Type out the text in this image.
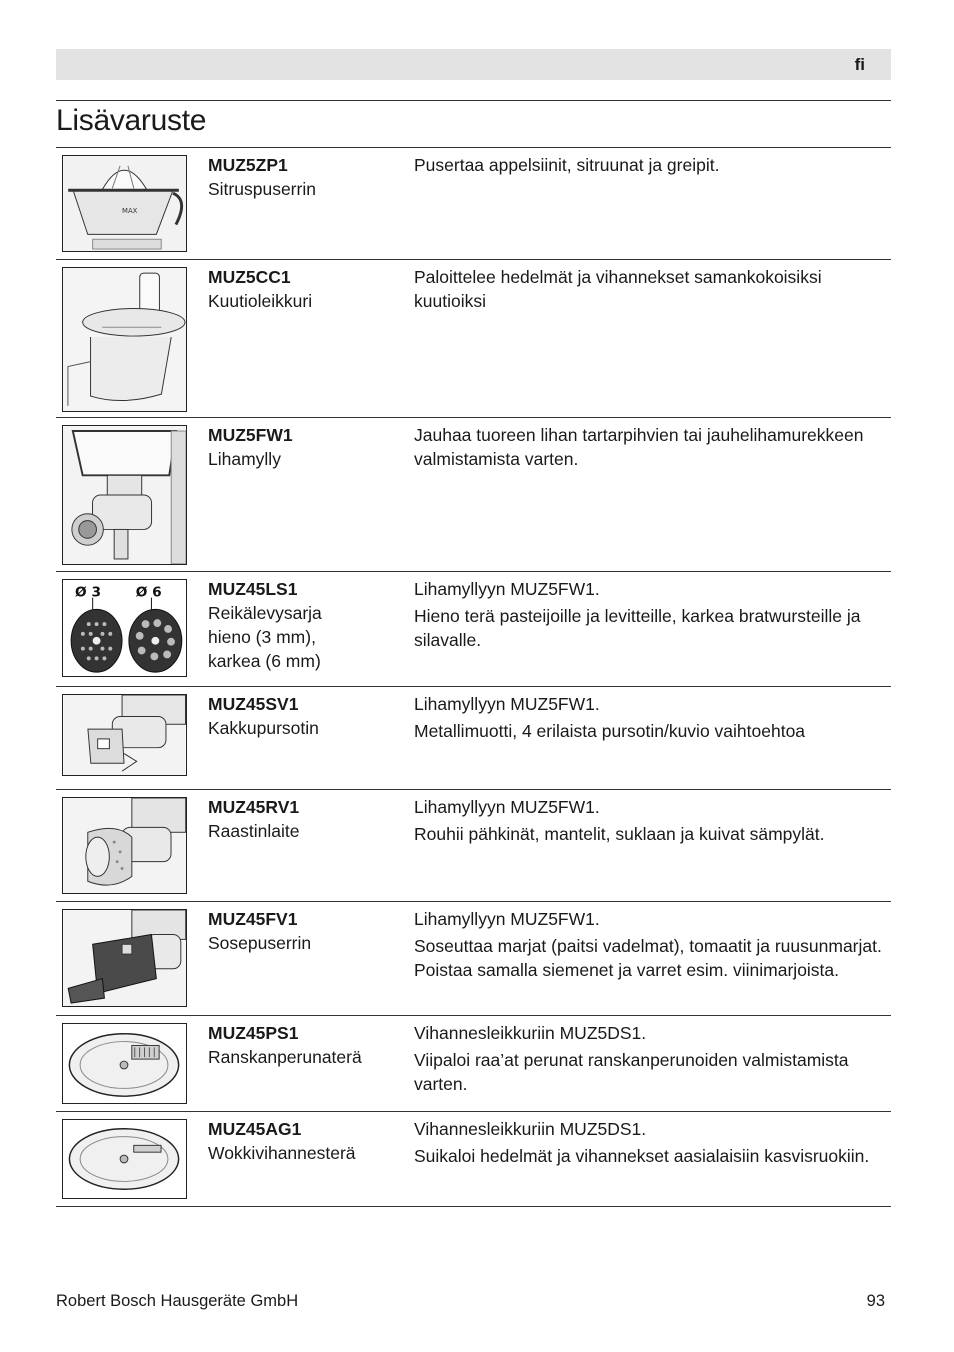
fi
Lisävaruste
MAX
MUZ5ZP1
Sitruspuserrin

Pusertaa appelsiinit, sitruunat ja greipit.

MUZ5CC1
Kuutioleikkuri

Paloittelee hedelmät ja vihannekset samankokoisiksi kuutioiksi

MUZ5FW1
Lihamylly

Jauhaa tuoreen lihan tartarpihvien tai jauhelihamurekkeen valmistamista varten.

Ø 3 Ø 6	MUZ45LS1
Reikälevysarja
hieno (3 mm),
karkea (6 mm)

Lihamyllyyn MUZ5FW1.

Hieno terä pasteijoille ja levitteille, karkea bratwursteille ja silavalle.

MUZ45SV1
Kakkupursotin

Lihamyllyyn MUZ5FW1.

Metallimuotti, 4 erilaista pursotin/kuvio vaihtoehtoa

MUZ45RV1
Raastinlaite

Lihamyllyyn MUZ5FW1.

Rouhii pähkinät, mantelit, suklaan ja kuivat sämpylät.

MUZ45FV1
Sosepuserrin

Lihamyllyyn MUZ5FW1.

Soseuttaa marjat (paitsi vadelmat), tomaatit ja ruusunmarjat. Poistaa samalla siemenet ja varret esim. viinimarjoista.

MUZ45PS1
Ranskanperunaterä

Vihannesleikkuriin MUZ5DS1.

Viipaloi raa’at perunat ranskanperunoiden valmistamista varten.

MUZ45AG1
Wokkivihannesterä

Vihannesleikkuriin MUZ5DS1.

Suikaloi hedelmät ja vihannekset aasialaisiin kasvisruokiin.

Robert Bosch Hausgeräte GmbH	93
